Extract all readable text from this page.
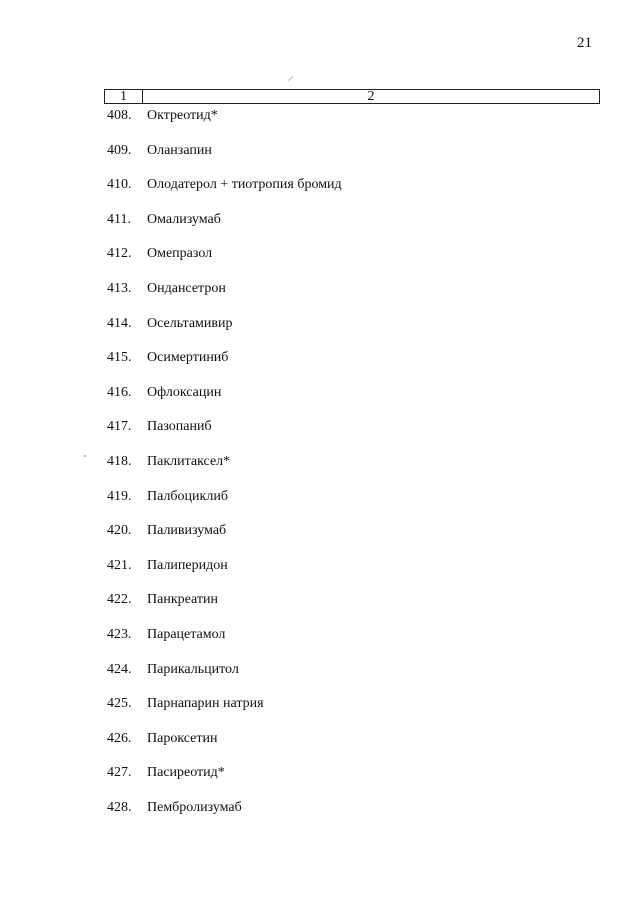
21
1	2
408.	Октреотид*
409.	Оланзапин
410.	Олодатерол + тиотропия бромид
411.	Омализумаб
412.	Омепразол
413.	Ондансетрон
414.	Осельтамивир
415.	Осимертиниб
416.	Офлоксацин
417.	Пазопаниб
418.	Паклитаксел*
419.	Палбоциклиб
420.	Паливизумаб
421.	Палиперидон
422.	Панкреатин
423.	Парацетамол
424.	Парикальцитол
425.	Парнапарин натрия
426.	Пароксетин
427.	Пасиреотид*
428.	Пембролизумаб
